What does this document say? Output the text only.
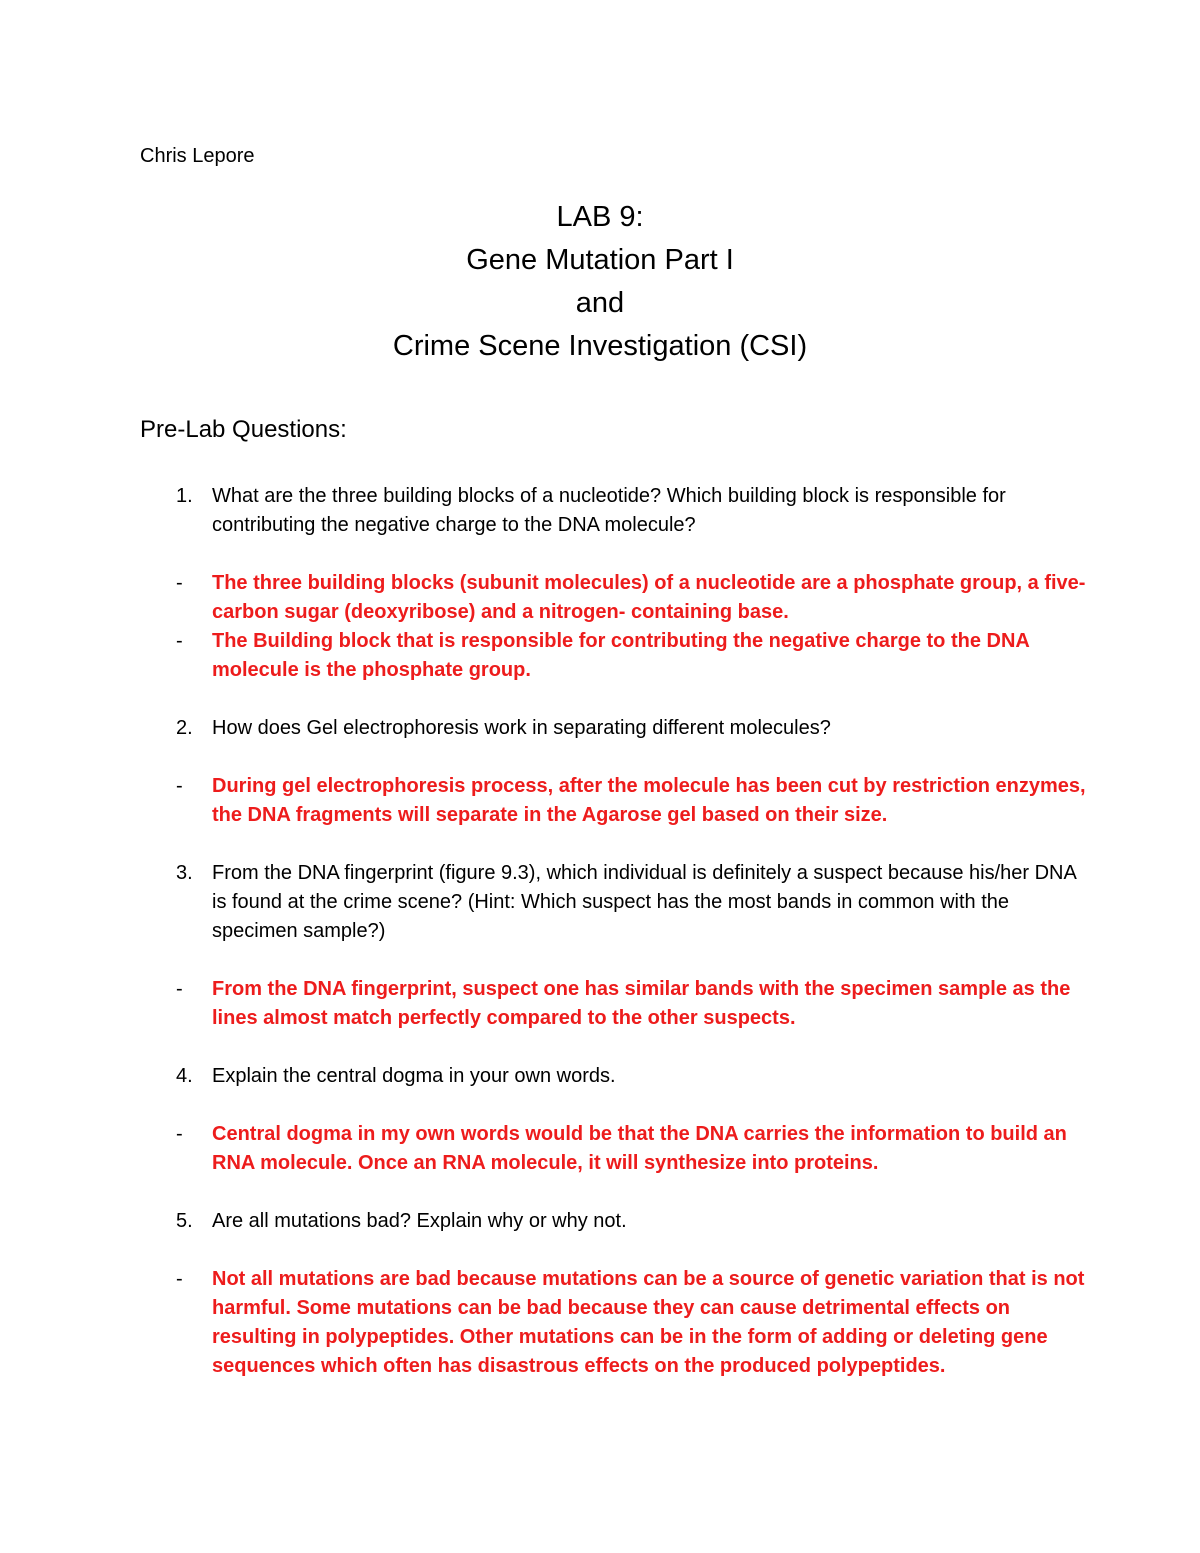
Chris Lepore
LAB 9:
Gene Mutation Part I
and
Crime Scene Investigation (CSI)
Pre-Lab Questions:
1. What are the three building blocks of a nucleotide? Which building block is responsible for contributing the negative charge to the DNA molecule?
- The three building blocks (subunit molecules) of a nucleotide are a phosphate group, a five-carbon sugar (deoxyribose) and a nitrogen- containing base.
- The Building block that is responsible for contributing the negative charge to the DNA molecule is the phosphate group.
2. How does Gel electrophoresis work in separating different molecules?
- During gel electrophoresis process, after the molecule has been cut by restriction enzymes, the DNA fragments will separate in the Agarose gel based on their size.
3. From the DNA fingerprint (figure 9.3), which individual is definitely a suspect because his/her DNA is found at the crime scene? (Hint: Which suspect has the most bands in common with the specimen sample?)
- From the DNA fingerprint, suspect one has similar bands with the specimen sample as the lines almost match perfectly compared to the other suspects.
4. Explain the central dogma in your own words.
- Central dogma in my own words would be that the DNA carries the information to build an RNA molecule. Once an RNA molecule, it will synthesize into proteins.
5. Are all mutations bad? Explain why or why not.
- Not all mutations are bad because mutations can be a source of genetic variation that is not harmful. Some mutations can be bad because they can cause detrimental effects on resulting in polypeptides. Other mutations can be in the form of adding or deleting gene sequences which often has disastrous effects on the produced polypeptides.
